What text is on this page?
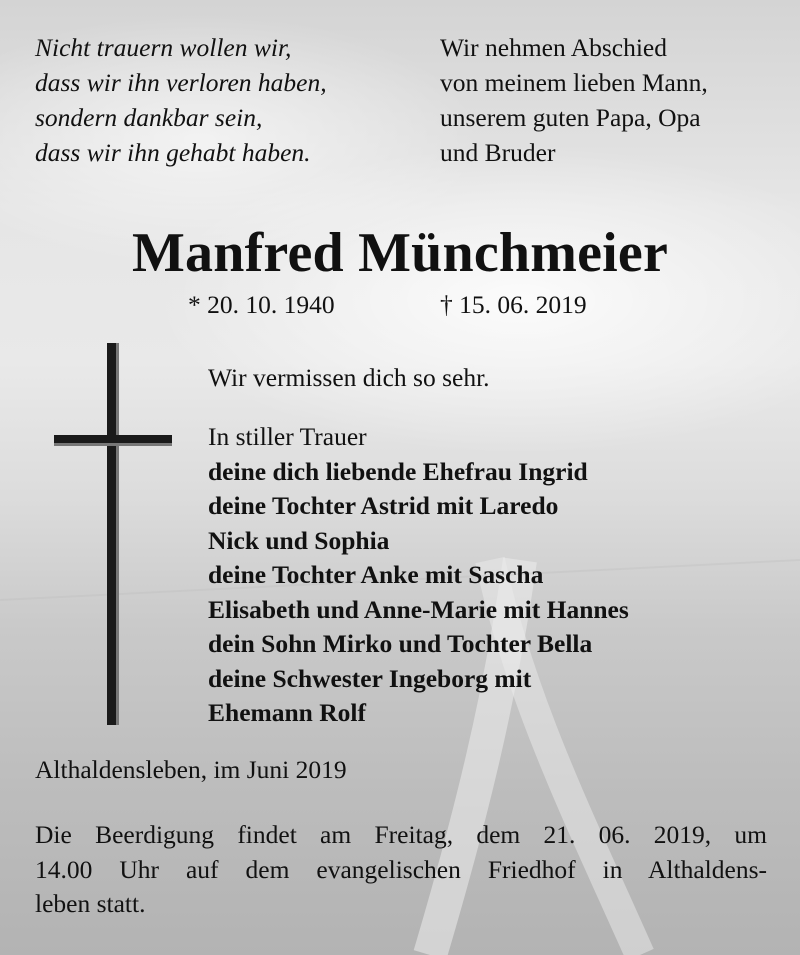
Nicht trauern wollen wir,
dass wir ihn verloren haben,
sondern dankbar sein,
dass wir ihn gehabt haben.
Wir nehmen Abschied
von meinem lieben Mann,
unserem guten Papa, Opa
und Bruder
Manfred Münchmeier
* 20. 10. 1940	† 15. 06. 2019
Wir vermissen dich so sehr.
In stiller Trauer
deine dich liebende Ehefrau Ingrid
deine Tochter Astrid mit Laredo
Nick und Sophia
deine Tochter Anke mit Sascha
Elisabeth und Anne-Marie mit Hannes
dein Sohn Mirko und Tochter Bella
deine Schwester Ingeborg mit
Ehemann Rolf
Althaldensleben, im Juni 2019
Die Beerdigung findet am Freitag, dem 21. 06. 2019, um
14.00 Uhr auf dem evangelischen Friedhof in Althaldens-
leben statt.
